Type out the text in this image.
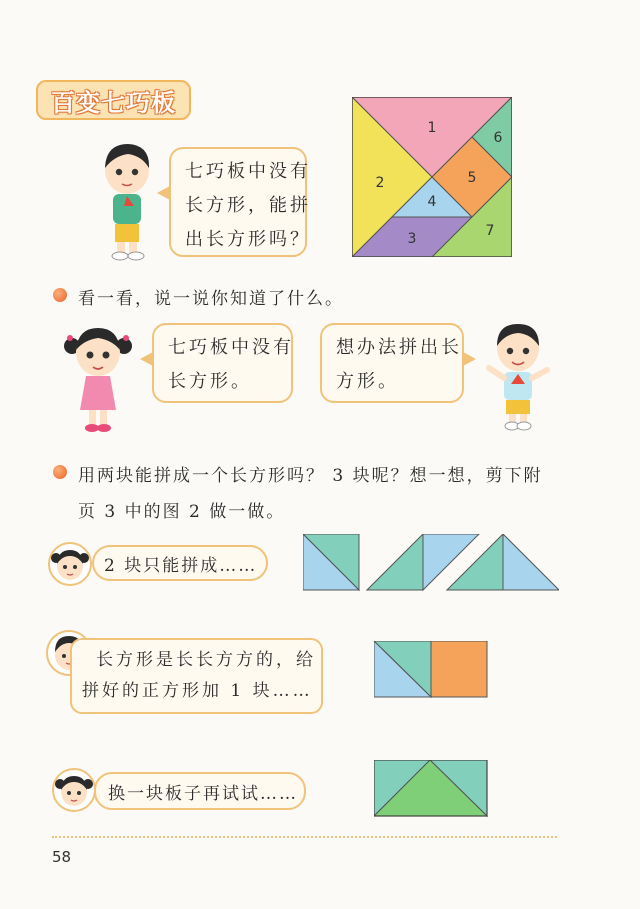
百变七巧板
1
2
3
4
5
6
7
七巧板中没有
长方形，能拼
出长方形吗？
看一看，说一说你知道了什么。
七巧板中没有
长方形。
想办法拼出长
方形。
用两块能拼成一个长方形吗？ 3 块呢？想一想，剪下附
页 3 中的图 2 做一做。
2 块只能拼成……
长方形是长长方方的，给
拼好的正方形加 1 块……
换一块板子再试试……
58
